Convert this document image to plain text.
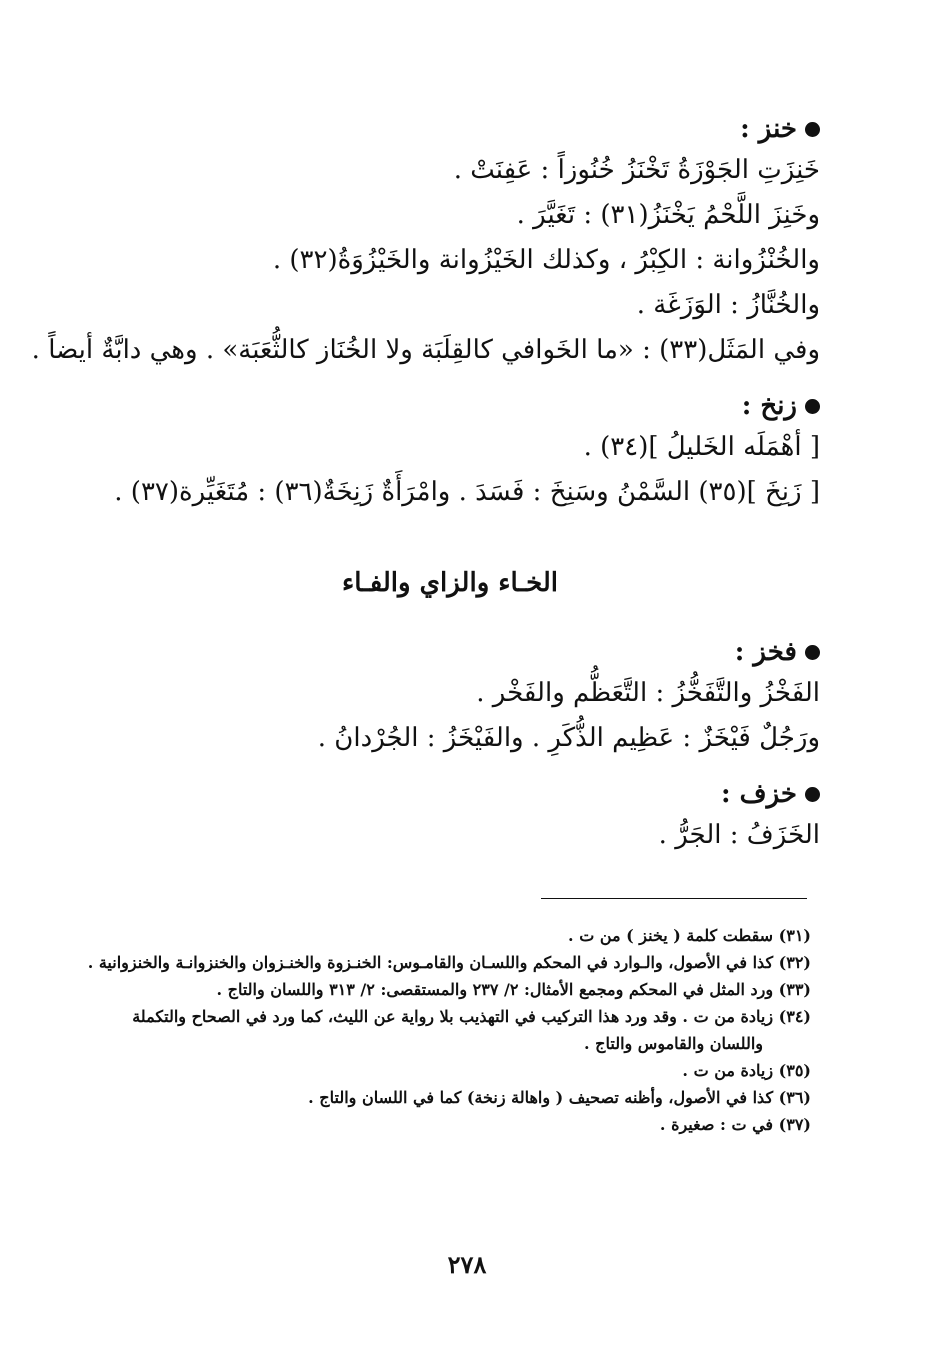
خنز :
خَنِزَتِ الجَوْزَةُ تَخْنَزُ خُنُوزاً : عَفِنَتْ .
وخَنِزَ اللَّحْمُ يَخْنَزُ(٣١) : تَغَيَّرَ .
والخُنْزُوانة : الكِبْرُ ، وكذلك الخَيْزُوانة والخَيْزُوَةُ(٣٢) .
والخُنَّازُ : الوَزَغَة .
وفي المَثَل(٣٣) : «ما الخَوافي كالقِلَبَة ولا الخُنَاز كالثُّعَبَة» . وهي دابَّةٌ أيضاً .
زنخ :
[ أهْمَلَه الخَليلُ ](٣٤) .
[ زَنِخَ ](٣٥) السَّمْنُ وسَنِخَ : فَسَدَ . وامْرَأَةٌ زَنِخَةٌ(٣٦) : مُتَغَيِّرة(٣٧) .
الخـاء والزاي والفـاء
فخز :
الفَخْزُ والتَّفَخُّزُ : التَّعَظُّم والفَخْر .
ورَجُلٌ فَيْخَزٌ : عَظِيم الذُّكَرِ . والفَيْخَزُ : الجُرْدانُ .
خزف :
الخَزَفُ : الجَرُّ .
(٣١) سقطت كلمة ( يخنز ) من ت .
(٣٢) كذا في الأصول، والـوارد في المحكم واللسـان والقامـوس: الخنـزوة والخنـزوان والخنزوانـة والخنزوانية .
(٣٣) ورد المثل في المحكم ومجمع الأمثال: ٢/ ٢٣٧ والمستقصى: ٢/ ٣١٣ واللسان والتاج .
(٣٤) زيادة من ت . وقد ورد هذا التركيب في التهذيب بلا رواية عن الليث، كما ورد في الصحاح والتكملة واللسان والقاموس والتاج .
(٣٥) زيادة من ت .
(٣٦) كذا في الأصول، وأظنه تصحيف ( واهالة زنخة) كما في اللسان والتاج .
(٣٧) في ت : صغيرة .
٢٧٨
